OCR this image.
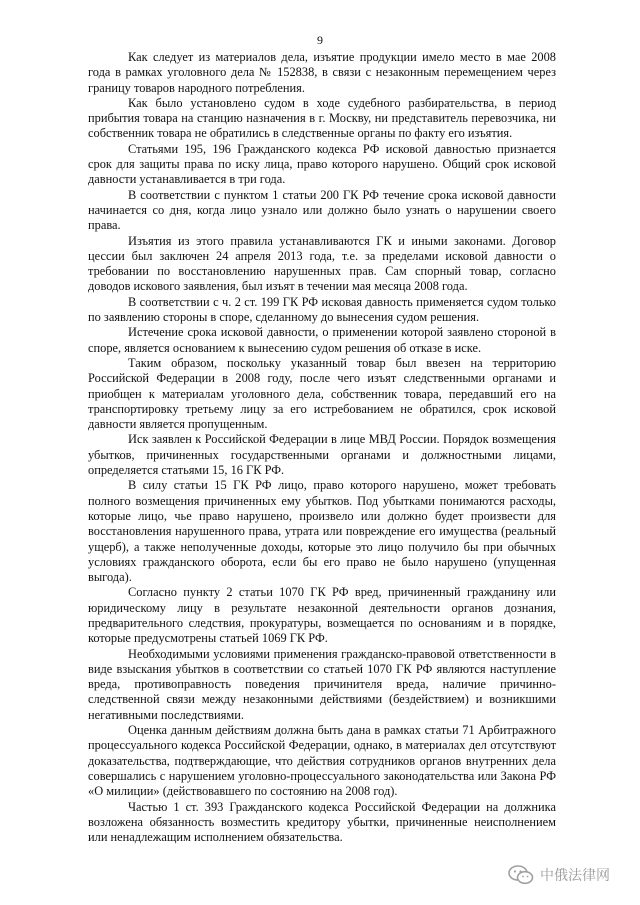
9

Как следует из материалов дела, изъятие продукции имело место в мае 2008 года в рамках уголовного дела № 152838, в связи с незаконным перемещением через границу товаров народного потребления.

Как было установлено судом в ходе судебного разбирательства, в период прибытия товара на станцию назначения в г. Москву, ни представитель перевозчика, ни собственник товара не обратились в следственные органы по факту его изъятия.

Статьями 195, 196 Гражданского кодекса РФ исковой давностью признается срок для защиты права по иску лица, право которого нарушено. Общий срок исковой давности устанавливается в три года.

В соответствии с пунктом 1 статьи 200 ГК РФ течение срока исковой давности начинается со дня, когда лицо узнало или должно было узнать о нарушении своего права.

Изъятия из этого правила устанавливаются ГК и иными законами. Договор цессии был заключен 24 апреля 2013 года, т.е. за пределами исковой давности о требовании по восстановлению нарушенных прав. Сам спорный товар, согласно доводов искового заявления, был изъят в течении мая месяца 2008 года.

В соответствии с ч. 2 ст. 199 ГК РФ исковая давность применяется судом только по заявлению стороны в споре, сделанному до вынесения судом решения.

Истечение срока исковой давности, о применении которой заявлено стороной в споре, является основанием к вынесению судом решения об отказе в иске.

Таким образом, поскольку указанный товар был ввезен на территорию Российской Федерации в 2008 году, после чего изъят следственными органами и приобщен к материалам уголовного дела, собственник товара, передавший его на транспортировку третьему лицу за его истребованием не обратился, срок исковой давности является пропущенным.

Иск заявлен к Российской Федерации в лице МВД России. Порядок возмещения убытков, причиненных государственными органами и должностными лицами, определяется статьями 15, 16 ГК РФ.

В силу статьи 15 ГК РФ лицо, право которого нарушено, может требовать полного возмещения причиненных ему убытков. Под убытками понимаются расходы, которые лицо, чье право нарушено, произвело или должно будет произвести для восстановления нарушенного права, утрата или повреждение его имущества (реальный ущерб), а также неполученные доходы, которые это лицо получило бы при обычных условиях гражданского оборота, если бы его право не было нарушено (упущенная выгода).

Согласно пункту 2 статьи 1070 ГК РФ вред, причиненный гражданину или юридическому лицу в результате незаконной деятельности органов дознания, предварительного следствия, прокуратуры, возмещается по основаниям и в порядке, которые предусмотрены статьей 1069 ГК РФ.

Необходимыми условиями применения гражданско-правовой ответственности в виде взыскания убытков в соответствии со статьей 1070 ГК РФ являются наступление вреда, противоправность поведения причинителя вреда, наличие причинно-следственной связи между незаконными действиями (бездействием) и возникшими негативными последствиями.

Оценка данным действиям должна быть дана в рамках статьи 71 Арбитражного процессуального кодекса Российской Федерации, однако, в материалах дел отсутствуют доказательства, подтверждающие, что действия сотрудников органов внутренних дела совершались с нарушением уголовно-процессуального законодательства или Закона РФ «О милиции» (действовавшего по состоянию на 2008 год).

Частью 1 ст. 393 Гражданского кодекса Российской Федерации на должника возложена обязанность возместить кредитору убытки, причиненные неисполнением или ненадлежащим исполнением обязательства.

中俄法律网
